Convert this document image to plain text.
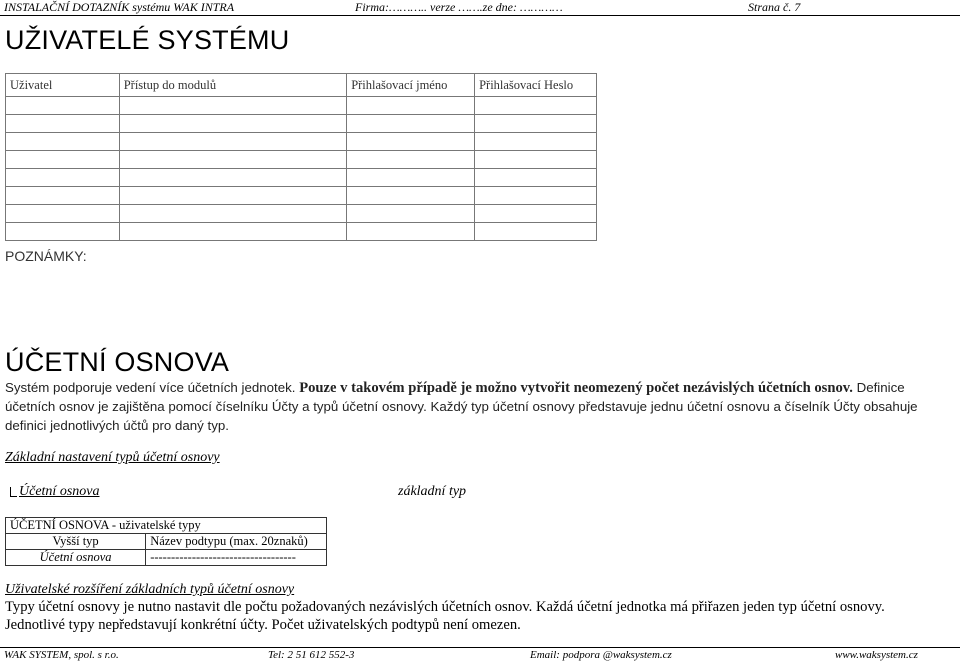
INSTALAČNÍ DOTAZNÍK systému WAK INTRA	Firma:……….. verze …….ze dne: …………	Strana č. 7
UŽIVATELÉ SYSTÉMU
Uživatel	Přístup do modulů	Přihlašovací jméno	Přihlašovací Heslo

POZNÁMKY:
ÚČETNÍ OSNOVA
Systém podporuje vedení více účetních jednotek. Pouze v takovém případě je možno vytvořit neomezený počet nezávislých účetních osnov. Definice
účetních osnov je zajištěna pomocí číselníku Účty a typů účetní osnovy. Každý typ účetní osnovy představuje jednu účetní osnovu a číselník Účty obsahuje
definici jednotlivých účtů pro daný typ.
Základní nastavení typů účetní osnovy
Účetní osnova	základní typ
ÚČETNÍ OSNOVA - uživatelské typy	
Vyšší typ	Název podtypu (max. 20znaků)
Účetní osnova	-----------------------------------
Uživatelské rozšíření základních typů účetní osnovy
Typy účetní osnovy je nutno nastavit dle počtu požadovaných nezávislých účetních osnov. Každá účetní jednotka má přiřazen jeden typ účetní osnovy.
Jednotlivé typy nepředstavují konkrétní účty. Počet uživatelských podtypů není omezen.
WAK SYSTEM, spol. s r.o.	Tel: 2 51 612 552-3	Email: podpora @waksystem.cz	www.waksystem.cz
